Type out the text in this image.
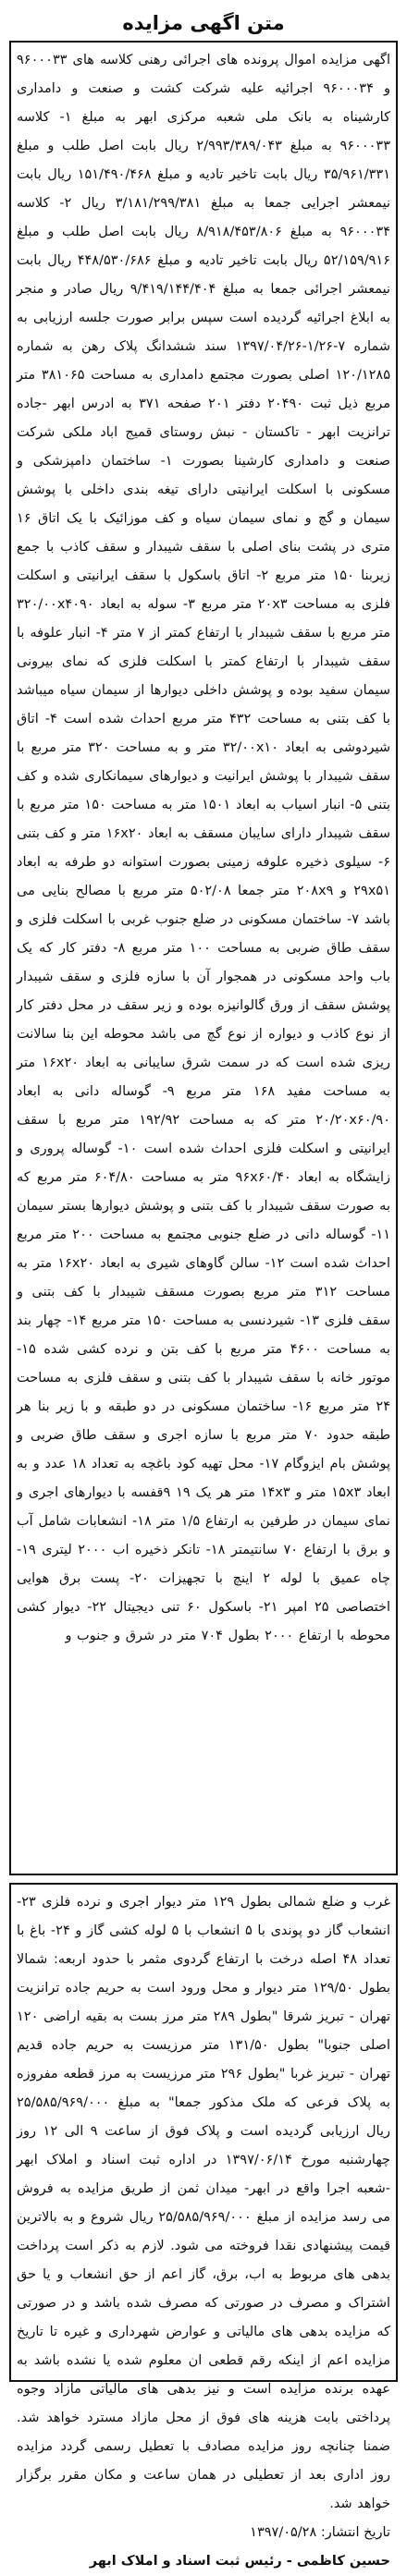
متن اگهی مزایده

اگهی مزایده اموال پرونده های اجرائی رهنی کلاسه های ۹۶۰۰۰۳۳ و ۹۶۰۰۰۳۴ اجرائیه علیه شرکت کشت و صنعت و دامداری کارشیناه به بانک ملی شعبه مرکزی ابهر به مبلغ ۱- کلاسه ۹۶۰۰۰۳۳ به مبلغ ۲/۹۹۳/۳۸۹/۰۴۳ ریال بابت اصل طلب و مبلغ ۳۵/۹۶۱/۳۳۱ ریال بابت تاخیر تادیه و مبلغ ۱۵۱/۴۹۰/۴۶۸ ریال بابت نیمعشر اجرایی جمعا به مبلغ ۳/۱۸۱/۲۹۹/۳۸۱ ریال ۲- کلاسه ۹۶۰۰۰۳۴ به مبلغ ۸/۹۱۸/۴۵۳/۸۰۶ ریال بابت اصل طلب و مبلغ ۵۲/۱۵۹/۹۱۶ ریال بابت تاخیر تادیه و مبلغ ۴۴۸/۵۳۰/۶۸۶ ریال بابت نیمعشر اجرائی جمعا به مبلغ ۹/۴۱۹/۱۴۴/۴۰۴ ریال صادر و منجر به ابلاغ اجرائیه گردیده است سپس برابر صورت جلسه ارزیابی به شماره ۷-۱/۲۶-۱۳۹۷/۰۴/۲۶ سند ششدانگ پلاک رهن به شماره ۱۲۰/۱۲۸۵ اصلی بصورت مجتمع دامداری به مساحت ۳۸۱۰۶۵ متر مربع ذیل ثبت ۲۰۴۹۰ دفتر ۲۰۱ صفحه ۳۷۱ به ادرس ابهر -جاده ترانزیت ابهر - تاکستان - نبش روستای قمیج اباد ملکی شرکت صنعت و دامداری کارشینا بصورت ۱- ساختمان دامپزشکی و مسکونی با اسکلت ایرانیتی دارای تیغه بندی داخلی با پوشش سیمان و گچ و نمای سیمان سیاه و کف موزائیک با یک اتاق ۱۶ متری در پشت بنای اصلی با سقف شیبدار و سقف کاذب با جمع زیربنا ۱۵۰ متر مربع ۲- اتاق باسکول با سقف ایرانیتی و اسکلت فلزی به مساحت ۲۰x۳ متر مربع ۳- سوله به ابعاد ۳۲۰/۰۰x۴۰۹۰ متر مربع با سقف شیبدار با ارتفاع کمتر از ۷ متر ۴- انبار علوفه با سقف شیبدار با ارتفاع کمتر با اسکلت فلزی که نمای بیرونی سیمان سفید بوده و پوشش داخلی دیوارها از سیمان سیاه میباشد با کف بتنی به مساحت ۴۳۲ متر مربع احداث شده است ۴- اتاق شیردوشی به ابعاد ۳۲/۰۰x۱۰ متر و به مساحت ۳۲۰ متر مربع با سقف شیبدار با پوشش ایرانیت و دیوارهای سیمانکاری شده و کف بتنی ۵- انبار اسیاب به ابعاد ۱۵۰۱ متر به مساحت ۱۵۰ متر مربع با سقف شیبدار دارای سایبان مسقف به ابعاد ۱۶x۲۰ متر و کف بتنی ۶- سیلوی ذخیره علوفه زمینی بصورت استوانه دو طرفه به ابعاد ۲۹x۵۱ و ۲۰۸x۹ متر جمعا ۵۰۲/۰۸ متر مربع با مصالح بنایی می باشد ۷- ساختمان مسکونی در ضلع جنوب غربی با اسکلت فلزی و سقف طاق ضربی به مساحت ۱۰۰ متر مربع ۸- دفتر کار که یک باب واحد مسکونی در همجوار آن با سازه فلزی و سقف شیبدار پوشش سقف از ورق گالوانیزه بوده و زیر سقف در محل دفتر کار از نوع کاذب و دیواره از نوع گچ می باشد محوطه این بنا سالانت ریزی شده است که در سمت شرق سایبانی به ابعاد ۱۶x۲۰ متر به مساحت مفید ۱۶۸ متر مربع ۹- گوساله دانی به ابعاد ۲۰/۲۰x۶۰/۹۰ متر که به مساحت ۱۹۲/۹۲ متر مربع با سقف ایرانیتی و اسکلت فلزی احداث شده است ۱۰- گوساله پروری و زایشگاه به ابعاد ۹۶x۶۰/۴۰ متر به مساحت ۶۰۴/۸۰ متر مربع که به صورت سقف شیبدار با کف بتنی و پوشش دیوارها بستر سیمان ۱۱- گوساله دانی در ضلع جنوبی مجتمع به مساحت ۲۰۰ متر مربع احداث شده است ۱۲- سالن گاوهای شیری به ابعاد ۱۶x۲۰ متر به مساحت ۳۱۲ متر مربع بصورت مسقف شیبدار با کف بتنی و سقف فلزی ۱۳- شیردنسی به مساحت ۱۵۰ متر مربع ۱۴- چهار بند به مساحت ۴۶۰۰ متر مربع با کف بتن و نرده کشی شده ۱۵- موتور خانه با سقف شیبدار با کف بتنی و سقف فلزی به مساحت ۲۴ متر مربع ۱۶- ساختمان مسکونی در دو طبقه و با زیر بنا هر طبقه حدود ۷۰ متر مربع با سازه اجری و سقف طاق ضربی و پوشش بام ایزوگام ۱۷- محل تهیه کود باغچه به تعداد ۱۸ عدد و به ابعاد ۱۵x۳ متر و ۱۴x۳ متر هر یک ۱۹ ۹قفسه با دیوارهای اجری و نمای سیمان در طرفین به ارتفاع ۱/۵ متر ۱۸- انشعابات شامل آب و برق با ارتفاع ۷۰ سانتیمتر ۱۸- تانکر ذخیره اب ۲۰۰۰ لیتری ۱۹- چاه عمیق با لوله ۲ اینچ با تجهیزات ۲۰- پست برق هوایی اختصاصی ۲۵ امپر ۲۱- باسکول ۶۰ تنی دیجیتال ۲۲- دیوار کشی محوطه با ارتفاع ۲۰۰۰ بطول ۷۰۴ متر در شرق و جنوب و

غرب و ضلع شمالی بطول ۱۲۹ متر دیوار اجری و نرده فلزی ۲۳- انشعاب گاز دو پوندی با ۵ انشعاب با ۵ لوله کشی گاز و ۲۴- باغ با تعداد ۴۸ اصله درخت با ارتفاع گردوی مثمر با حدود اربعه: شمالا بطول ۱۲۹/۵۰ متر دیوار و محل ورود است به حریم جاده ترانزیت تهران - تبریز شرقا "بطول ۲۸۹ متر مرز بست به بقیه اراضی ۱۲۰ اصلی جنوبا" بطول ۱۳۱/۵۰ متر مرزیست به حریم جاده قدیم تهران - تبریز غربا "بطول ۲۹۶ متر مرزیست به مرز قطعه مفروزه به پلاک فرعی که ملک مذکور جمعا" به مبلغ ۲۵/۵۸۵/۹۶۹/۰۰۰ ریال ارزیابی گردیده است و پلاک فوق از ساعت ۹ الی ۱۲ روز چهارشنبه مورخ ۱۳۹۷/۰۶/۱۴ در اداره ثبت اسناد و املاک ابهر -شعبه اجرا واقع در ابهر- میدان ثمن از طریق مزایده به فروش می رسد مزایده از مبلغ ۲۵/۵۸۵/۹۶۹/۰۰۰ ریال شروع و به بالاترین قیمت پیشنهادی نقدا فروخته می شود. لازم به ذکر است پرداخت بدهی های مربوط به اب، برق، گاز اعم از حق انشعاب و یا حق اشتراک و مصرف در صورتی که مصرف شده باشد و در صورتی که مزایده بدهی های مالیاتی و عوارض شهرداری و غیره تا تاریخ مزایده اعم از اینکه رقم قطعی ان معلوم شده یا نشده باشد به عهده برنده مزایده است و نیز بدهی های مالیاتی مازاد وجوه پرداختی بابت هزینه های فوق از محل مازاد مسترد خواهد شد. ضمنا چنانچه روز مزایده مصادف با تعطیل رسمی گردد مزایده روز اداری بعد از تعطیلی در همان ساعت و مکان مقرر برگزار خواهد شد.

تاریخ انتشار: ۱۳۹۷/۰۵/۲۸

حسین کاظمی - رئیس ثبت اسناد و املاک ابهر
